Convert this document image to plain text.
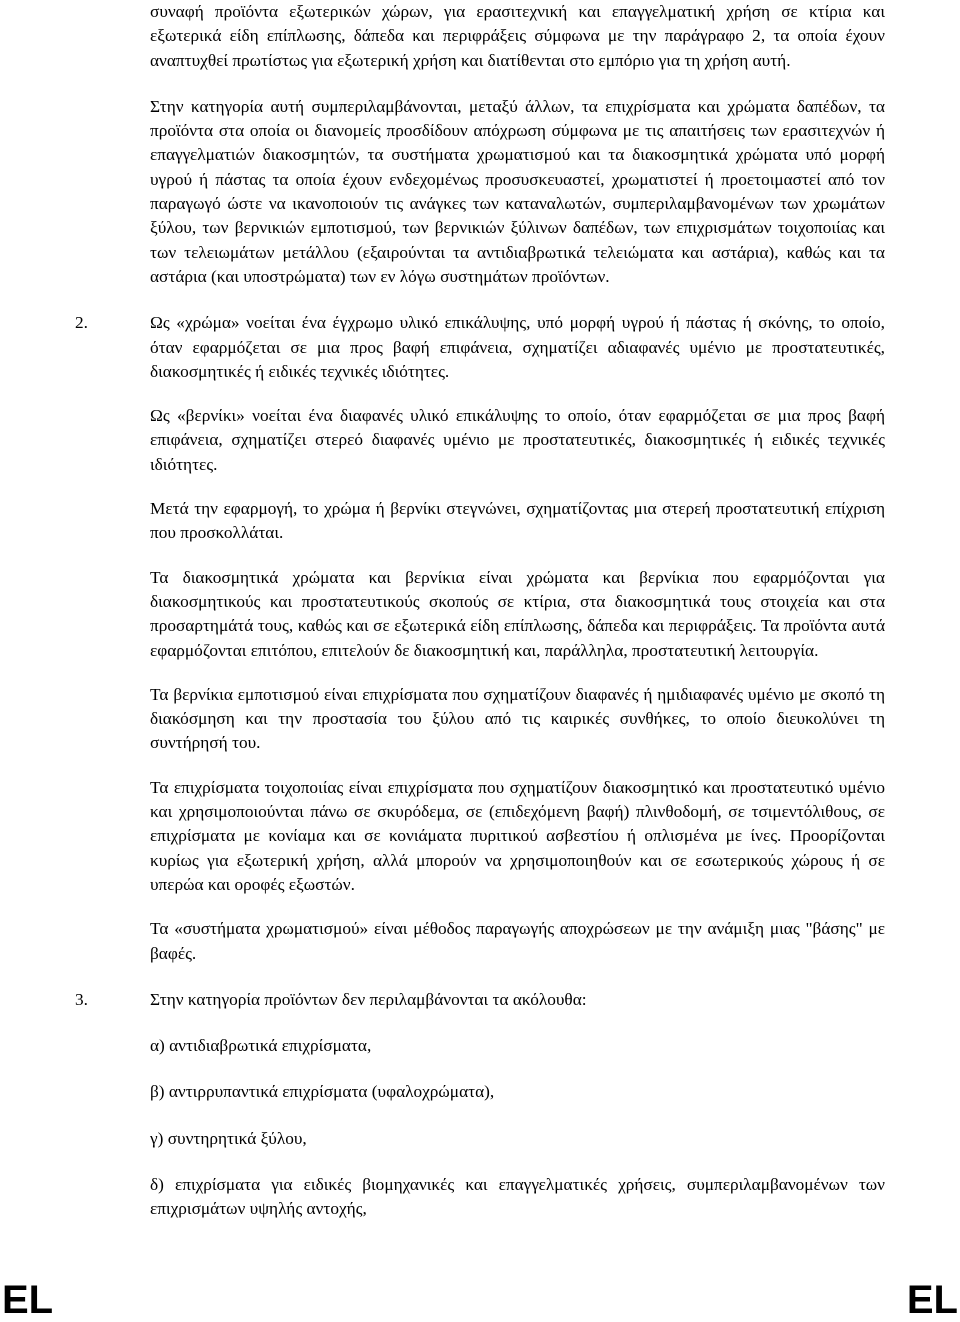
συναφή προϊόντα εξωτερικών χώρων, για ερασιτεχνική και επαγγελματική χρήση σε κτίρια και εξωτερικά είδη επίπλωσης, δάπεδα και περιφράξεις σύμφωνα με την παράγραφο 2, τα οποία έχουν αναπτυχθεί πρωτίστως για εξωτερική χρήση και διατίθενται στο εμπόριο για τη χρήση αυτή.

Στην κατηγορία αυτή συμπεριλαμβάνονται, μεταξύ άλλων, τα επιχρίσματα και χρώματα δαπέδων, τα προϊόντα στα οποία οι διανομείς προσδίδουν απόχρωση σύμφωνα με τις απαιτήσεις των ερασιτεχνών ή επαγγελματιών διακοσμητών, τα συστήματα χρωματισμού και τα διακοσμητικά χρώματα υπό μορφή υγρού ή πάστας τα οποία έχουν ενδεχομένως προσυσκευαστεί, χρωματιστεί ή προετοιμαστεί από τον παραγωγό ώστε να ικανοποιούν τις ανάγκες των καταναλωτών, συμπεριλαμβανομένων των χρωμάτων ξύλου, των βερνικιών εμποτισμού, των βερνικιών ξύλινων δαπέδων, των επιχρισμάτων τοιχοποιίας και των τελειωμάτων μετάλλου (εξαιρούνται τα αντιδιαβρωτικά τελειώματα και αστάρια), καθώς και τα αστάρια (και υποστρώματα) των εν λόγω συστημάτων προϊόντων.

2.	Ως «χρώμα» νοείται ένα έγχρωμο υλικό επικάλυψης, υπό μορφή υγρού ή πάστας ή σκόνης, το οποίο, όταν εφαρμόζεται σε μια προς βαφή επιφάνεια, σχηματίζει αδιαφανές υμένιο με προστατευτικές, διακοσμητικές ή ειδικές τεχνικές ιδιότητες.

Ως «βερνίκι» νοείται ένα διαφανές υλικό επικάλυψης το οποίο, όταν εφαρμόζεται σε μια προς βαφή επιφάνεια, σχηματίζει στερεό διαφανές υμένιο με προστατευτικές, διακοσμητικές ή ειδικές τεχνικές ιδιότητες.

Μετά την εφαρμογή, το χρώμα ή βερνίκι στεγνώνει, σχηματίζοντας μια στερεή προστατευτική επίχριση που προσκολλάται.

Τα διακοσμητικά χρώματα και βερνίκια είναι χρώματα και βερνίκια που εφαρμόζονται για διακοσμητικούς και προστατευτικούς σκοπούς σε κτίρια, στα διακοσμητικά τους στοιχεία και στα προσαρτημάτά τους, καθώς και σε εξωτερικά είδη επίπλωσης, δάπεδα και περιφράξεις. Τα προϊόντα αυτά εφαρμόζονται επιτόπου, επιτελούν δε διακοσμητική και, παράλληλα, προστατευτική λειτουργία.

Τα βερνίκια εμποτισμού είναι επιχρίσματα που σχηματίζουν διαφανές ή ημιδιαφανές υμένιο με σκοπό τη διακόσμηση και την προστασία του ξύλου από τις καιρικές συνθήκες, το οποίο διευκολύνει τη συντήρησή του.

Τα επιχρίσματα τοιχοποιίας είναι επιχρίσματα που σχηματίζουν διακοσμητικό και προστατευτικό υμένιο και χρησιμοποιούνται πάνω σε σκυρόδεμα, σε (επιδεχόμενη βαφή) πλινθοδομή, σε τσιμεντόλιθους, σε επιχρίσματα με κονίαμα και σε κονιάματα πυριτικού ασβεστίου ή οπλισμένα με ίνες. Προορίζονται κυρίως για εξωτερική χρήση, αλλά μπορούν να χρησιμοποιηθούν και σε εσωτερικούς χώρους ή σε υπερώα και οροφές εξωστών.

Τα «συστήματα χρωματισμού» είναι μέθοδος παραγωγής αποχρώσεων με την ανάμιξη μιας "βάσης" με βαφές.

3.	Στην κατηγορία προϊόντων δεν περιλαμβάνονται τα ακόλουθα:

α) αντιδιαβρωτικά επιχρίσματα,

β) αντιρρυπαντικά επιχρίσματα (υφαλοχρώματα),

γ) συντηρητικά ξύλου,

δ) επιχρίσματα για ειδικές βιομηχανικές και επαγγελματικές χρήσεις, συμπεριλαμβανομένων των επιχρισμάτων υψηλής αντοχής,

EL	EL
